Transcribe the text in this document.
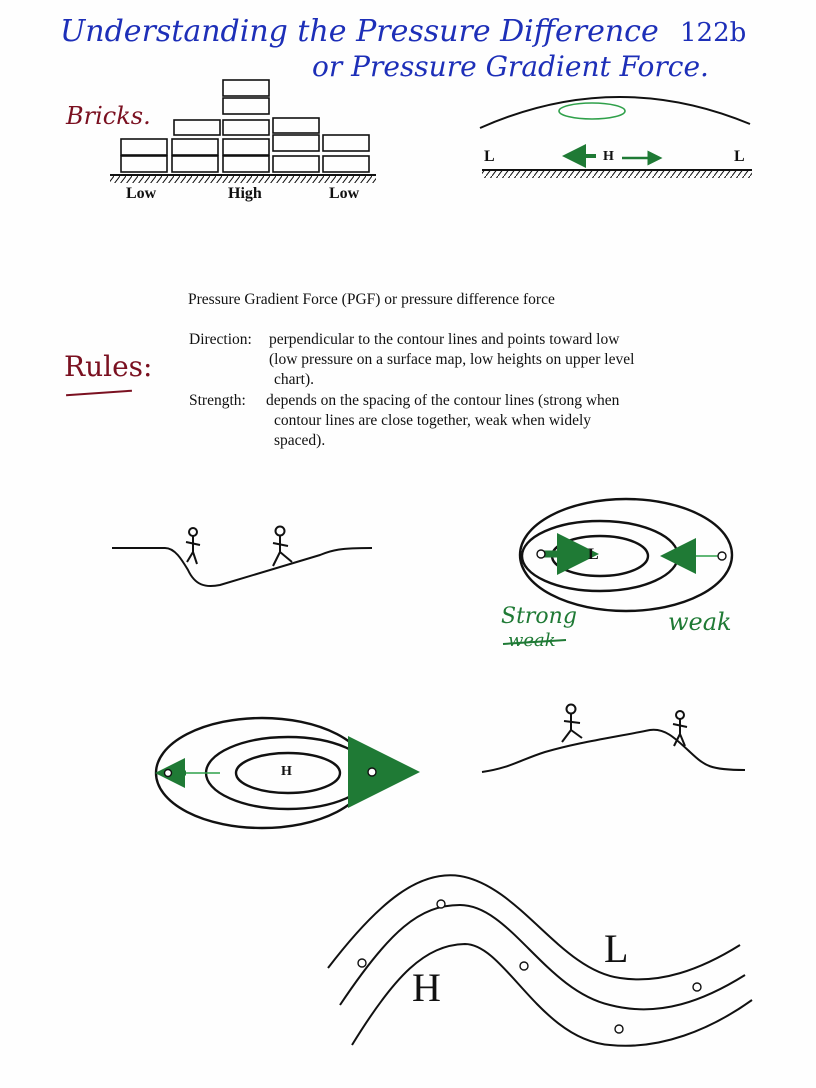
Understanding the Pressure Difference
or Pressure Gradient Force.
122b
Bricks.
Low	High	Low
L	H	L
Pressure Gradient Force (PGF) or pressure difference force
Rules:
Direction: perpendicular to the contour lines and points toward low
(low pressure on a surface map, low heights on upper level
chart).
Strength: depends on the spacing of the contour lines (strong when
contour lines are close together, weak when widely
spaced).
L
Strong
weak
weak
H
H
L
